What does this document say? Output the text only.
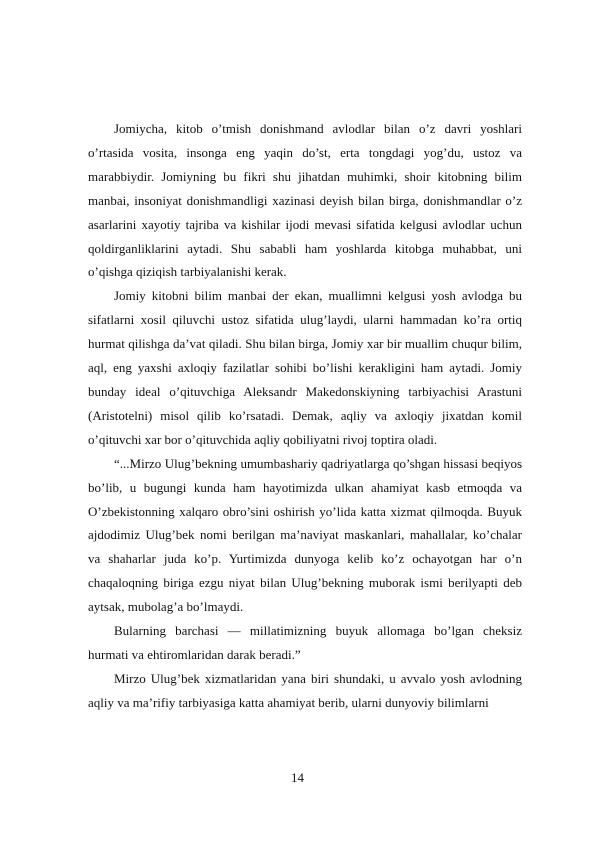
Jomiycha, kitob o’tmish donishmand avlodlar bilan o’z davri yoshlari o’rtasida vosita, insonga eng yaqin do’st, erta tongdagi yog’du, ustoz va marabbiydir. Jomiyning bu fikri shu jihatdan muhimki, shoir kitobning bilim manbai, insoniyat donishmandligi xazinasi deyish bilan birga, donishmandlar o’z asarlarini xayotiy tajriba va kishilar ijodi mevasi sifatida kelgusi avlodlar uchun qoldirganliklarini aytadi. Shu sababli ham yoshlarda kitobga muhabbat, uni o’qishga qiziqish tarbiyalanishi kerak.

Jomiy kitobni bilim manbai der ekan, muallimni kelgusi yosh avlodga bu sifatlarni xosil qiluvchi ustoz sifatida ulug’laydi, ularni hammadan ko’ra ortiq hurmat qilishga da’vat qiladi. Shu bilan birga, Jomiy xar bir muallim chuqur bilim, aql, eng yaxshi axloqiy fazilatlar sohibi bo’lishi kerakligini ham aytadi. Jomiy bunday ideal o’qituvchiga Aleksandr Makedonskiyning tarbiyachisi Arastuni (Aristotelni) misol qilib ko’rsatadi. Demak, aqliy va axloqiy jixatdan komil o’qituvchi xar bor o’qituvchida aqliy qobiliyatni rivoj toptira oladi.

“...Mirzo Ulug’bekning umumbashariy qadriyatlarga qo’shgan hissasi beqiyos bo’lib, u bugungi kunda ham hayotimizda ulkan ahamiyat kasb etmoqda va O’zbekistonning xalqaro obro’sini oshirish yo’lida katta xizmat qilmoqda. Buyuk ajdodimiz Ulug’bek nomi berilgan ma’naviyat maskanlari, mahallalar, ko’chalar va shaharlar juda ko’p. Yurtimizda dunyoga kelib ko’z ochayotgan har o’n chaqaloqning biriga ezgu niyat bilan Ulug’bekning muborak ismi berilyapti deb aytsak, mubolag’a bo’lmaydi.

Bularning barchasi — millatimizning buyuk allomaga bo’lgan cheksiz hurmati va ehtiromlaridan darak beradi.”

Mirzo Ulug’bek xizmatlaridan yana biri shundaki, u avvalo yosh avlodning aqliy va ma’rifiy tarbiyasiga katta ahamiyat berib, ularni dunyoviy bilimlarni

14
